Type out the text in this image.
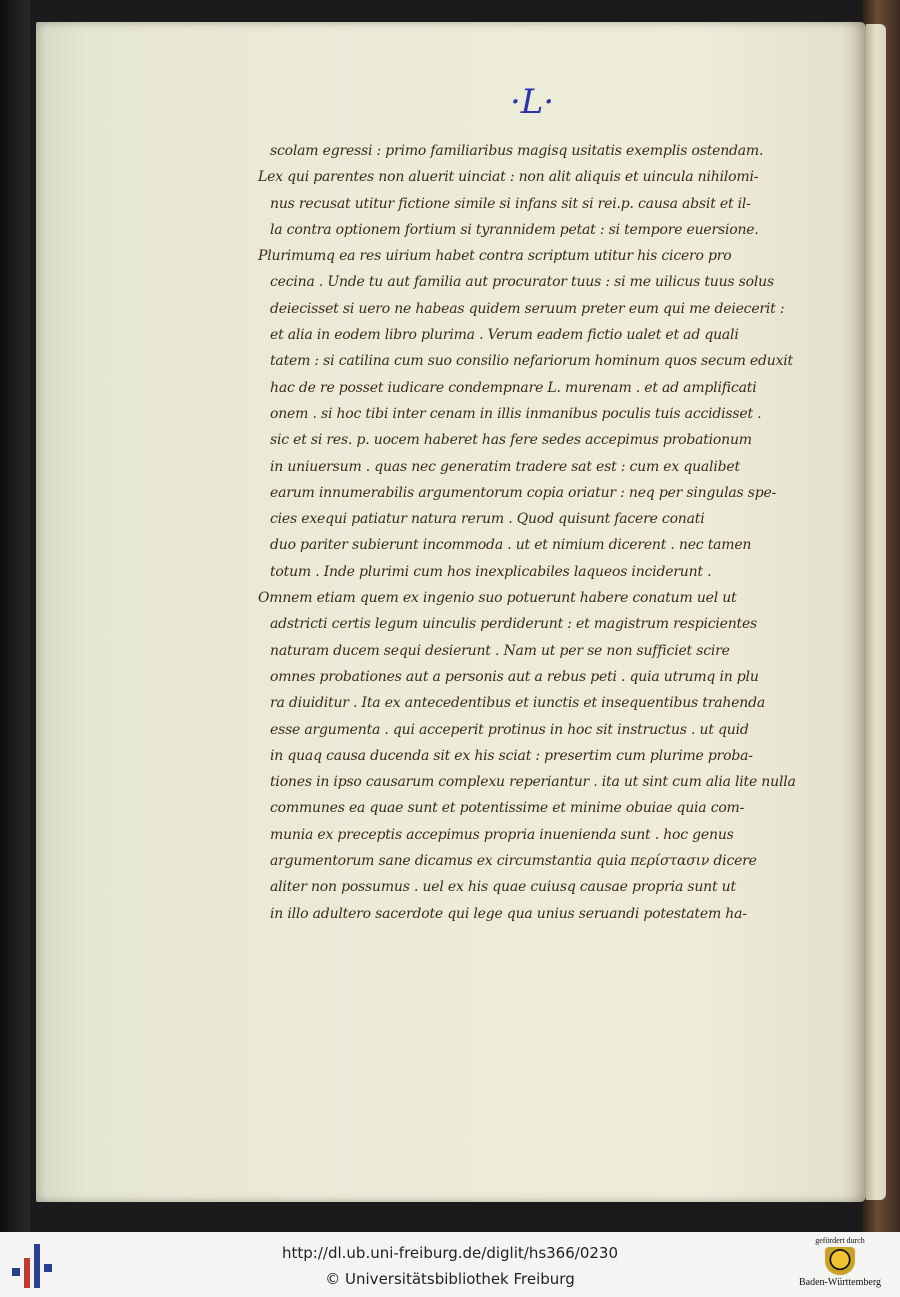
·L·
scolam egressi : primo familiaribus magisq usitatis exemplis ostendam.
Lex qui parentes non aluerit uinciat : non alit aliquis et uincula nihilomi-
nus recusat utitur fictione simile si infans sit si rei.p. causa absit et il-
la contra optionem fortium si tyrannidem petat : si tempore euersione.
Plurimumq ea res uirium habet contra scriptum utitur his cicero pro
cecina . Unde tu aut familia aut procurator tuus : si me uilicus tuus solus
deiecisset si uero ne habeas quidem seruum preter eum qui me deiecerit :
et alia in eodem libro plurima . Verum eadem fictio ualet et ad quali
tatem : si catilina cum suo consilio nefariorum hominum quos secum eduxit
hac de re posset iudicare condempnare L. murenam . et ad amplificati
onem . si hoc tibi inter cenam in illis inmanibus poculis tuis accidisset .
sic et si res. p. uocem haberet has fere sedes accepimus probationum
in uniuersum . quas nec generatim tradere sat est : cum ex qualibet
earum innumerabilis argumentorum copia oriatur : neq per singulas spe-
cies exequi patiatur natura rerum . Quod quisunt facere conati
duo pariter subierunt incommoda . ut et nimium dicerent . nec tamen
totum . Inde plurimi cum hos inexplicabiles laqueos inciderunt .
Omnem etiam quem ex ingenio suo potuerunt habere conatum uel ut
adstricti certis legum uinculis perdiderunt : et magistrum respicientes
naturam ducem sequi desierunt . Nam ut per se non sufficiet scire
omnes probationes aut a personis aut a rebus peti . quia utrumq in plu
ra diuiditur . Ita ex antecedentibus et iunctis et insequentibus trahenda
esse argumenta . qui acceperit protinus in hoc sit instructus . ut quid
in quaq causa ducenda sit ex his sciat : presertim cum plurime proba-
tiones in ipso causarum complexu reperiantur . ita ut sint cum alia lite nulla
communes ea quae sunt et potentissime et minime obuiae quia com-
munia ex preceptis accepimus propria inuenienda sunt . hoc genus
argumentorum sane dicamus ex circumstantia quia περίστασιν dicere
aliter non possumus . uel ex his quae cuiusq causae propria sunt ut
in illo adultero sacerdote qui lege qua unius seruandi potestatem ha-
http://dl.ub.uni-freiburg.de/diglit/hs366/0230
© Universitätsbibliothek Freiburg
gefördert durch
Baden-Württemberg
